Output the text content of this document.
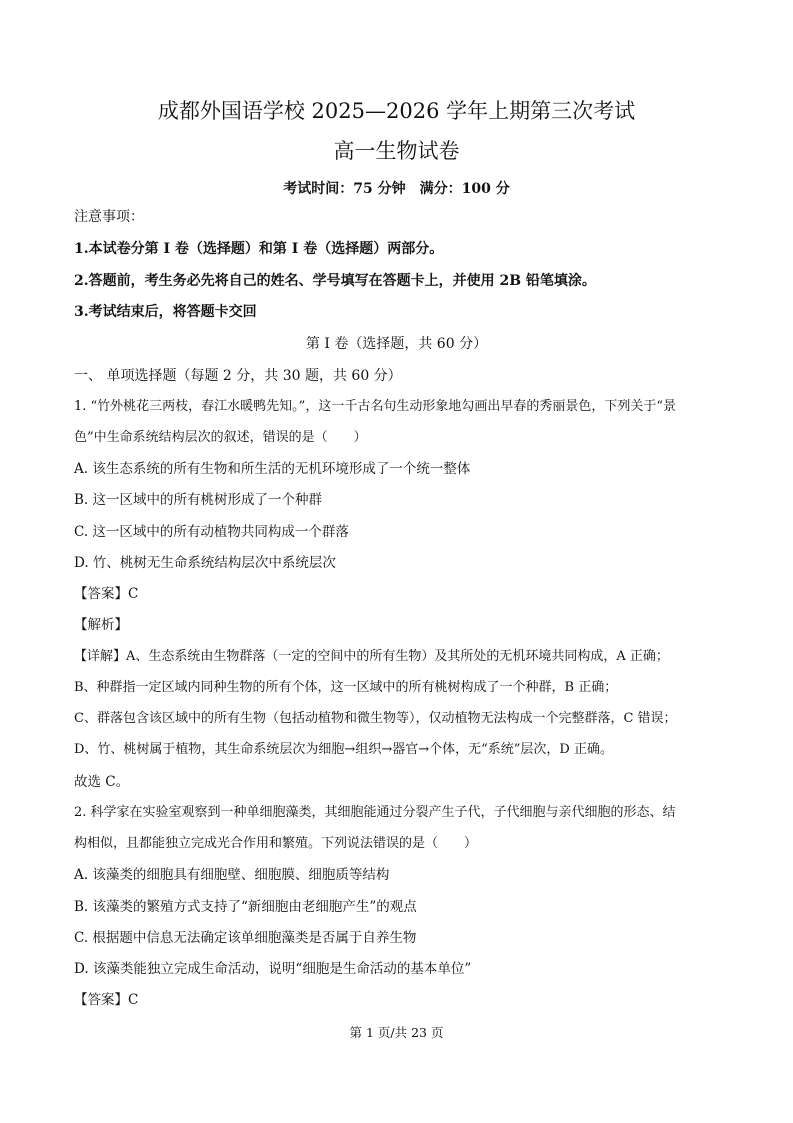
成都外国语学校 2025—2026 学年上期第三次考试
高一生物试卷
考试时间：75 分钟　满分：100 分
注意事项：
1.本试卷分第 I 卷（选择题）和第 I 卷（选择题）两部分。
2.答题前，考生务必先将自己的姓名、学号填写在答题卡上，并使用 2B 铅笔填涂。
3.考试结束后，将答题卡交回
第 I 卷（选择题，共 60 分）
一、 单项选择题（每题 2 分，共 30 题，共 60 分）
1. “竹外桃花三两枝，春江水暖鸭先知。”，这一千古名句生动形象地勾画出早春的秀丽景色，下列关于“景
色”中生命系统结构层次的叙述，错误的是（　　）
A. 该生态系统的所有生物和所生活的无机环境形成了一个统一整体
B. 这一区域中的所有桃树形成了一个种群
C. 这一区域中的所有动植物共同构成一个群落
D. 竹、桃树无生命系统结构层次中系统层次
【答案】C
【解析】
【详解】A、生态系统由生物群落（一定的空间中的所有生物）及其所处的无机环境共同构成，A 正确；
B、种群指一定区域内同种生物的所有个体，这一区域中的所有桃树构成了一个种群，B 正确；
C、群落包含该区域中的所有生物（包括动植物和微生物等），仅动植物无法构成一个完整群落，C 错误；
D、竹、桃树属于植物，其生命系统层次为细胞→组织→器官→个体，无“系统”层次，D 正确。
故选 C。
2. 科学家在实验室观察到一种单细胞藻类，其细胞能通过分裂产生子代，子代细胞与亲代细胞的形态、结
构相似，且都能独立完成光合作用和繁殖。下列说法错误的是（　　）
A. 该藻类的细胞具有细胞壁、细胞膜、细胞质等结构
B. 该藻类的繁殖方式支持了“新细胞由老细胞产生”的观点
C. 根据题中信息无法确定该单细胞藻类是否属于自养生物
D. 该藻类能独立完成生命活动，说明“细胞是生命活动的基本单位”
【答案】C
第 1 页/共 23 页
